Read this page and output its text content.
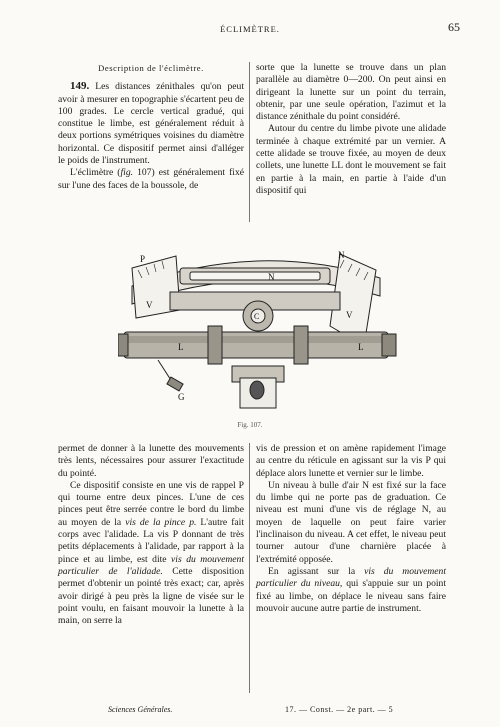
ÉCLIMÈTRE.	65
Description de l'éclimètre.

149. Les distances zénithales qu'on peut avoir à mesurer en topographie s'écartent peu de 100 grades. Le cercle vertical gradué, qui constitue le limbe, est généralement réduit à deux portions symétriques voisines du diamètre horizontal. Ce dispositif permet ainsi d'alléger le poids de l'instrument.

L'éclimètre (fig. 107) est généralement fixé sur l'une des faces de la boussole, de

sorte que la lunette se trouve dans un plan parallèle au diamètre 0—200. On peut ainsi en dirigeant la lunette sur un point du terrain, obtenir, par une seule opération, l'azimut et la distance zénithale du point considéré.

Autour du centre du limbe pivote une alidade terminée à chaque extrémité par un vernier. A cette alidade se trouve fixée, au moyen de deux collets, une lunette LL dont le mouvement se fait en partie à la main, en partie à l'aide d'un dispositif qui

P	N
N
C
L	L
V
V
G
Fig. 107.

permet de donner à la lunette des mouvements très lents, nécessaires pour assurer l'exactitude du pointé.

Ce dispositif consiste en une vis de rappel P qui tourne entre deux pinces. L'une de ces pinces peut être serrée contre le bord du limbe au moyen de la vis de la pince p. L'autre fait corps avec l'alidade. La vis P donnant de très petits déplacements à l'alidade, par rapport à la pince et au limbe, est dite vis du mouvement particulier de l'alidade. Cette disposition permet d'obtenir un pointé très exact; car, après avoir dirigé à peu près la ligne de visée sur le point voulu, en faisant mouvoir la lunette à la main, on serre la

vis de pression et on amène rapidement l'image au centre du réticule en agissant sur la vis P qui déplace alors lunette et vernier sur le limbe.

Un niveau à bulle d'air N est fixé sur la face du limbe qui ne porte pas de graduation. Ce niveau est muni d'une vis de réglage N, au moyen de laquelle on peut faire varier l'inclinaison du niveau. A cet effet, le niveau peut tourner autour d'une charnière placée à l'extrémité opposée.

En agissant sur la vis du mouvement particulier du niveau, qui s'appuie sur un point fixé au limbe, on déplace le niveau sans faire mouvoir aucune autre partie de instrument.

Sciences Générales.	17. — Const. — 2e part. — 5
